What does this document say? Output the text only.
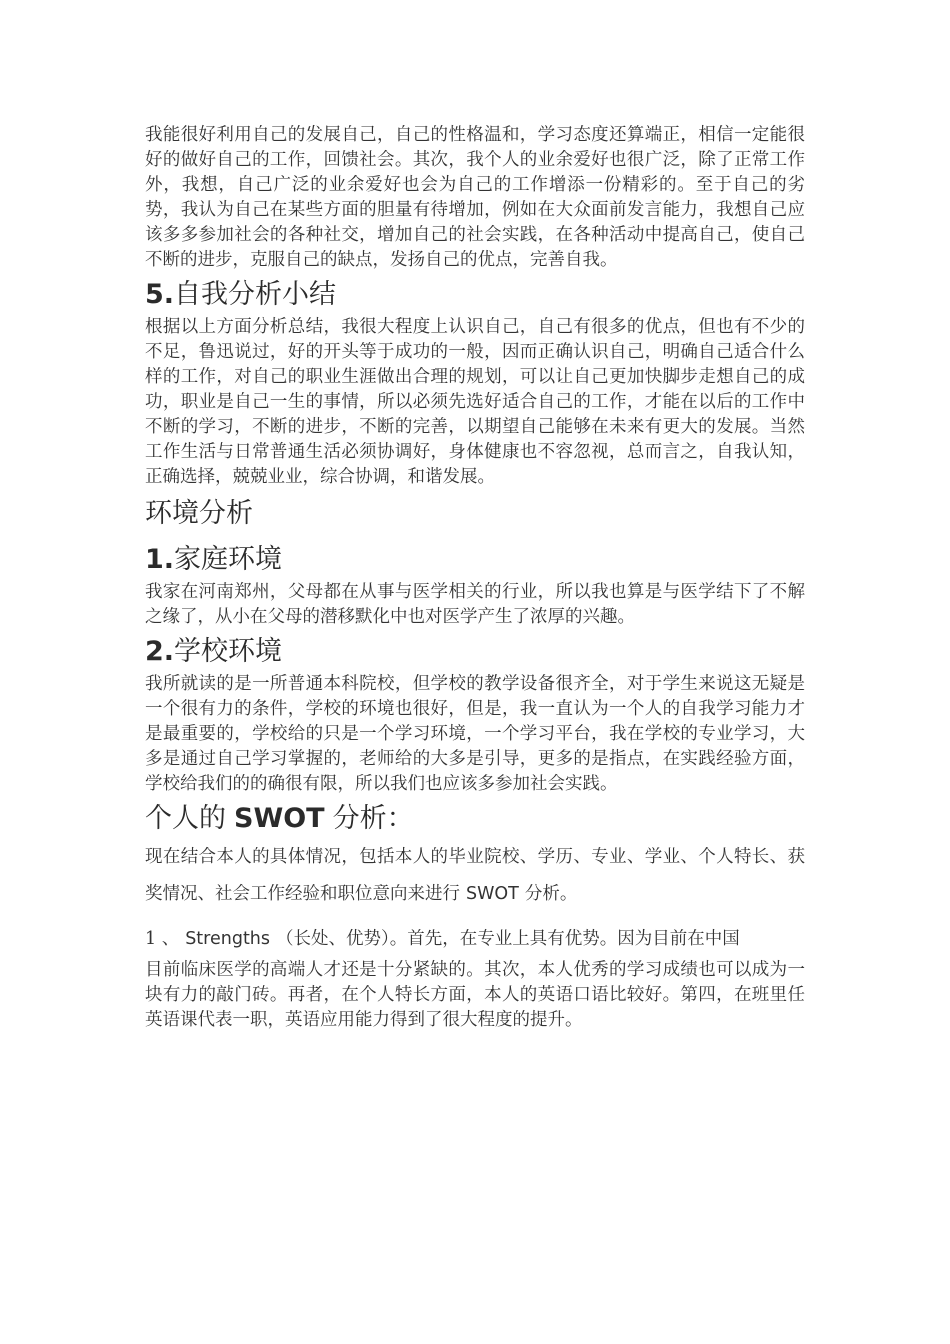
我能很好利用自己的发展自己，自己的性格温和，学习态度还算端正，相信一定能很好的做好自己的工作，回馈社会。其次，我个人的业余爱好也很广泛，除了正常工作外，我想，自己广泛的业余爱好也会为自己的工作增添一份精彩的。至于自己的劣势，我认为自己在某些方面的胆量有待增加，例如在大众面前发言能力，我想自己应该多多参加社会的各种社交，增加自己的社会实践，在各种活动中提高自己，使自己不断的进步，克服自己的缺点，发扬自己的优点，完善自我。

5.自我分析小结

根据以上方面分析总结，我很大程度上认识自己，自己有很多的优点，但也有不少的不足，鲁迅说过，好的开头等于成功的一般，因而正确认识自己，明确自己适合什么样的工作，对自己的职业生涯做出合理的规划，可以让自己更加快脚步走想自己的成功，职业是自己一生的事情，所以必须先选好适合自己的工作，才能在以后的工作中不断的学习，不断的进步，不断的完善，以期望自己能够在未来有更大的发展。当然工作生活与日常普通生活必须协调好，身体健康也不容忽视，总而言之，自我认知，正确选择，兢兢业业，综合协调，和谐发展。

环境分析
1.家庭环境

我家在河南郑州，父母都在从事与医学相关的行业，所以我也算是与医学结下了不解之缘了，从小在父母的潜移默化中也对医学产生了浓厚的兴趣。

2.学校环境

我所就读的是一所普通本科院校，但学校的教学设备很齐全，对于学生来说这无疑是一个很有力的条件，学校的环境也很好，但是，我一直认为一个人的自我学习能力才是最重要的，学校给的只是一个学习环境，一个学习平台，我在学校的专业学习，大多是通过自己学习掌握的，老师给的大多是引导，更多的是指点，在实践经验方面，学校给我们的的确很有限，所以我们也应该多参加社会实践。

个人的 SWOT 分析：

现在结合本人的具体情况，包括本人的毕业院校、学历、专业、学业、个人特长、获奖情况、社会工作经验和职位意向来进行 SWOT 分析。

1 、 Strengths （长处、优势）。首先，在专业上具有优势。因为目前在中国

目前临床医学的高端人才还是十分紧缺的。其次，本人优秀的学习成绩也可以成为一块有力的敲门砖。再者，在个人特长方面，本人的英语口语比较好。第四，在班里任英语课代表一职，英语应用能力得到了很大程度的提升。
